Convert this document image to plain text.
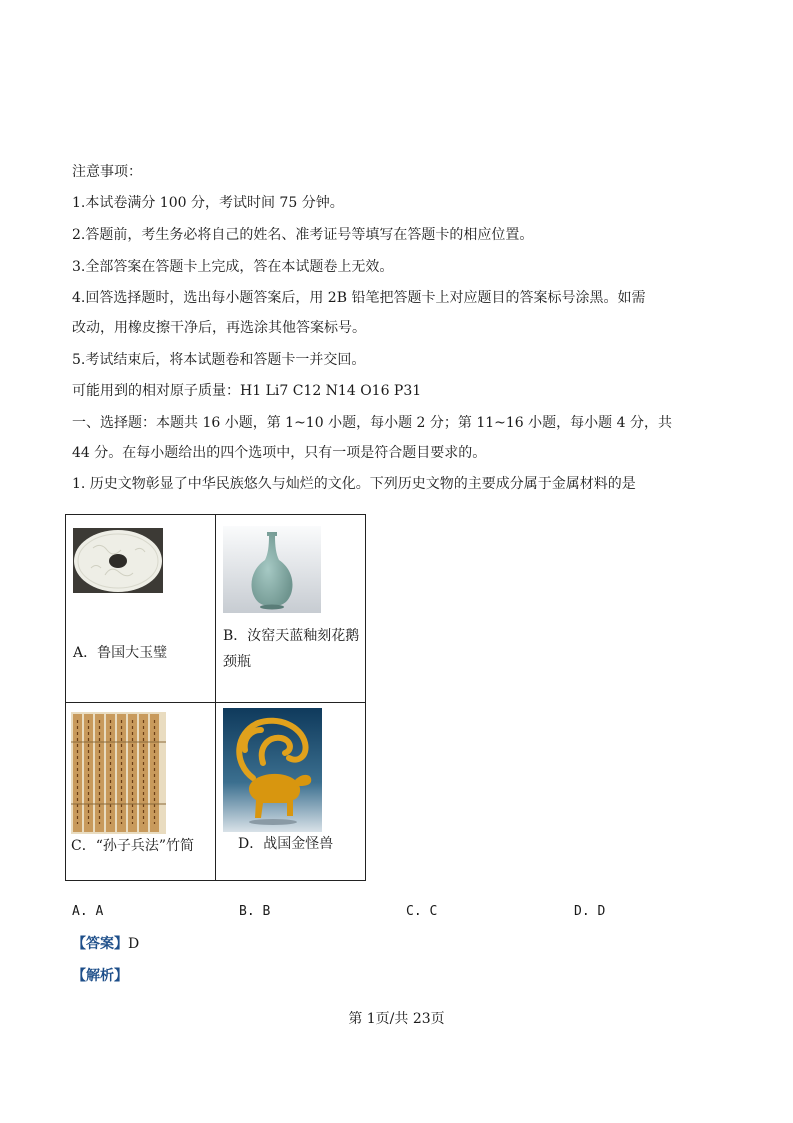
注意事项：
1.本试卷满分 100 分，考试时间 75 分钟。
2.答题前，考生务必将自己的姓名、准考证号等填写在答题卡的相应位置。
3.全部答案在答题卡上完成，答在本试题卷上无效。
4.回答选择题时，选出每小题答案后，用 2B 铅笔把答题卡上对应题目的答案标号涂黑。如需
改动，用橡皮擦干净后，再选涂其他答案标号。
5.考试结束后，将本试题卷和答题卡一并交回。
可能用到的相对原子质量：H1 Li7 C12 N14 O16 P31
一、选择题：本题共 16 小题，第 1~10 小题，每小题 2 分；第 11~16 小题，每小题 4 分，共
44 分。在每小题给出的四个选项中，只有一项是符合题目要求的。
1. 历史文物彰显了中华民族悠久与灿烂的文化。下列历史文物的主要成分属于金属材料的是
A．鲁国大玉璧	B．汝窑天蓝釉刻花鹅颈瓶

C．“孙子兵法”竹简	D．战国金怪兽
A. A	B. B	C. C	D. D
【答案】D
【解析】
第 1页/共 23页
